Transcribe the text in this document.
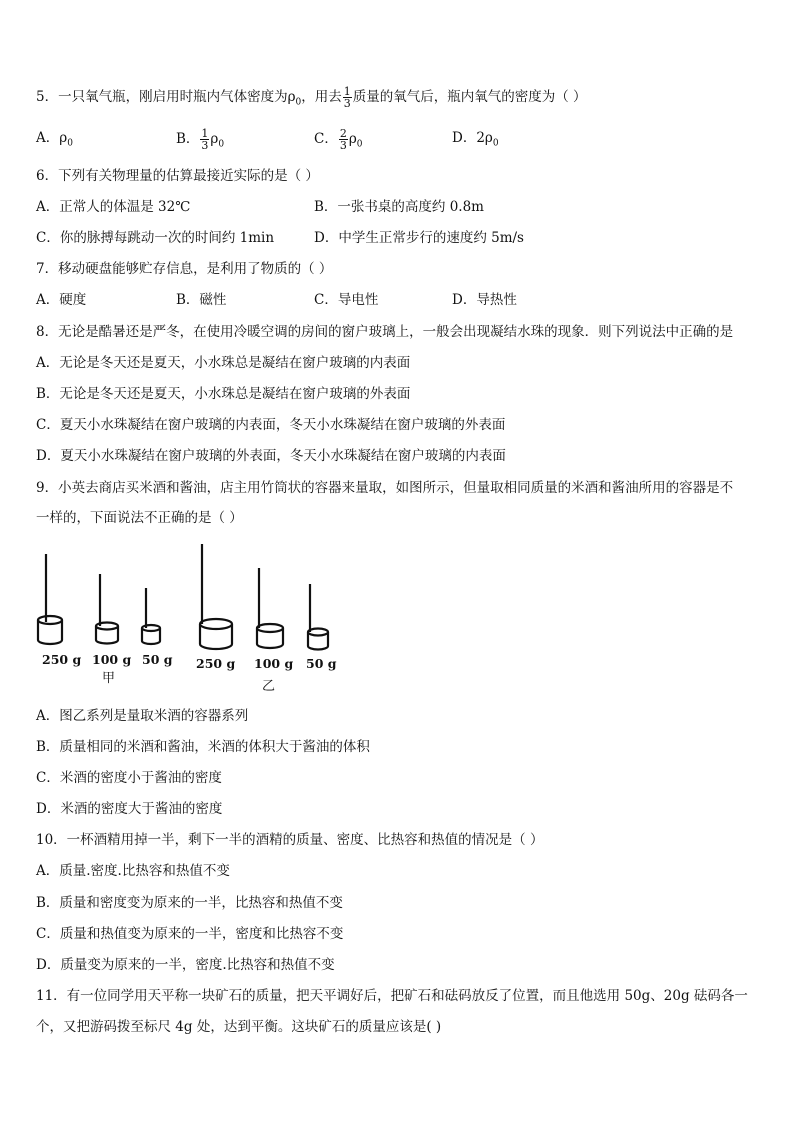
5．一只氧气瓶，刚启用时瓶内气体密度为$\rho_0$，用去 $\frac{1}{3}$ 质量的氧气后，瓶内氧气的密度为（ ）
A．$\rho_0$	B． $\frac{1}{3} \rho_0$	C． $\frac{2}{3} \rho_0$	D．$2\rho_0$
6．下列有关物理量的估算最接近实际的是（ ）
A．正常人的体温是 32℃	B．一张书桌的高度约 0.8m
C．你的脉搏每跳动一次的时间约 1min	D．中学生正常步行的速度约 5m/s
7．移动硬盘能够贮存信息，是利用了物质的（ ）
A．硬度	B．磁性	C．导电性	D．导热性
8．无论是酷暑还是严冬，在使用冷暖空调的房间的窗户玻璃上，一般会出现凝结水珠的现象．则下列说法中正确的是
A．无论是冬天还是夏天，小水珠总是凝结在窗户玻璃的内表面
B．无论是冬天还是夏天，小水珠总是凝结在窗户玻璃的外表面
C．夏天小水珠凝结在窗户玻璃的内表面，冬天小水珠凝结在窗户玻璃的外表面
D．夏天小水珠凝结在窗户玻璃的外表面，冬天小水珠凝结在窗户玻璃的内表面
9．小英去商店买米酒和酱油，店主用竹筒状的容器来量取，如图所示，但量取相同质量的米酒和酱油所用的容器是不
一样的，下面说法不正确的是（ ）
250 g 100 g 50 g 250 g 100 g 50 g
甲
乙
A．图乙系列是量取米酒的容器系列
B．质量相同的米酒和酱油，米酒的体积大于酱油的体积
C．米酒的密度小于酱油的密度
D．米酒的密度大于酱油的密度
10．一杯酒精用掉一半，剩下一半的酒精的质量、密度、比热容和热值的情况是（ ）
A．质量.密度.比热容和热值不变
B．质量和密度变为原来的一半，比热容和热值不变
C．质量和热值变为原来的一半，密度和比热容不变
D．质量变为原来的一半，密度.比热容和热值不变
11．有一位同学用天平称一块矿石的质量，把天平调好后，把矿石和砝码放反了位置，而且他选用 50g、20g 砝码各一
个，又把游码拨至标尺 4g 处，达到平衡。这块矿石的质量应该是( )
